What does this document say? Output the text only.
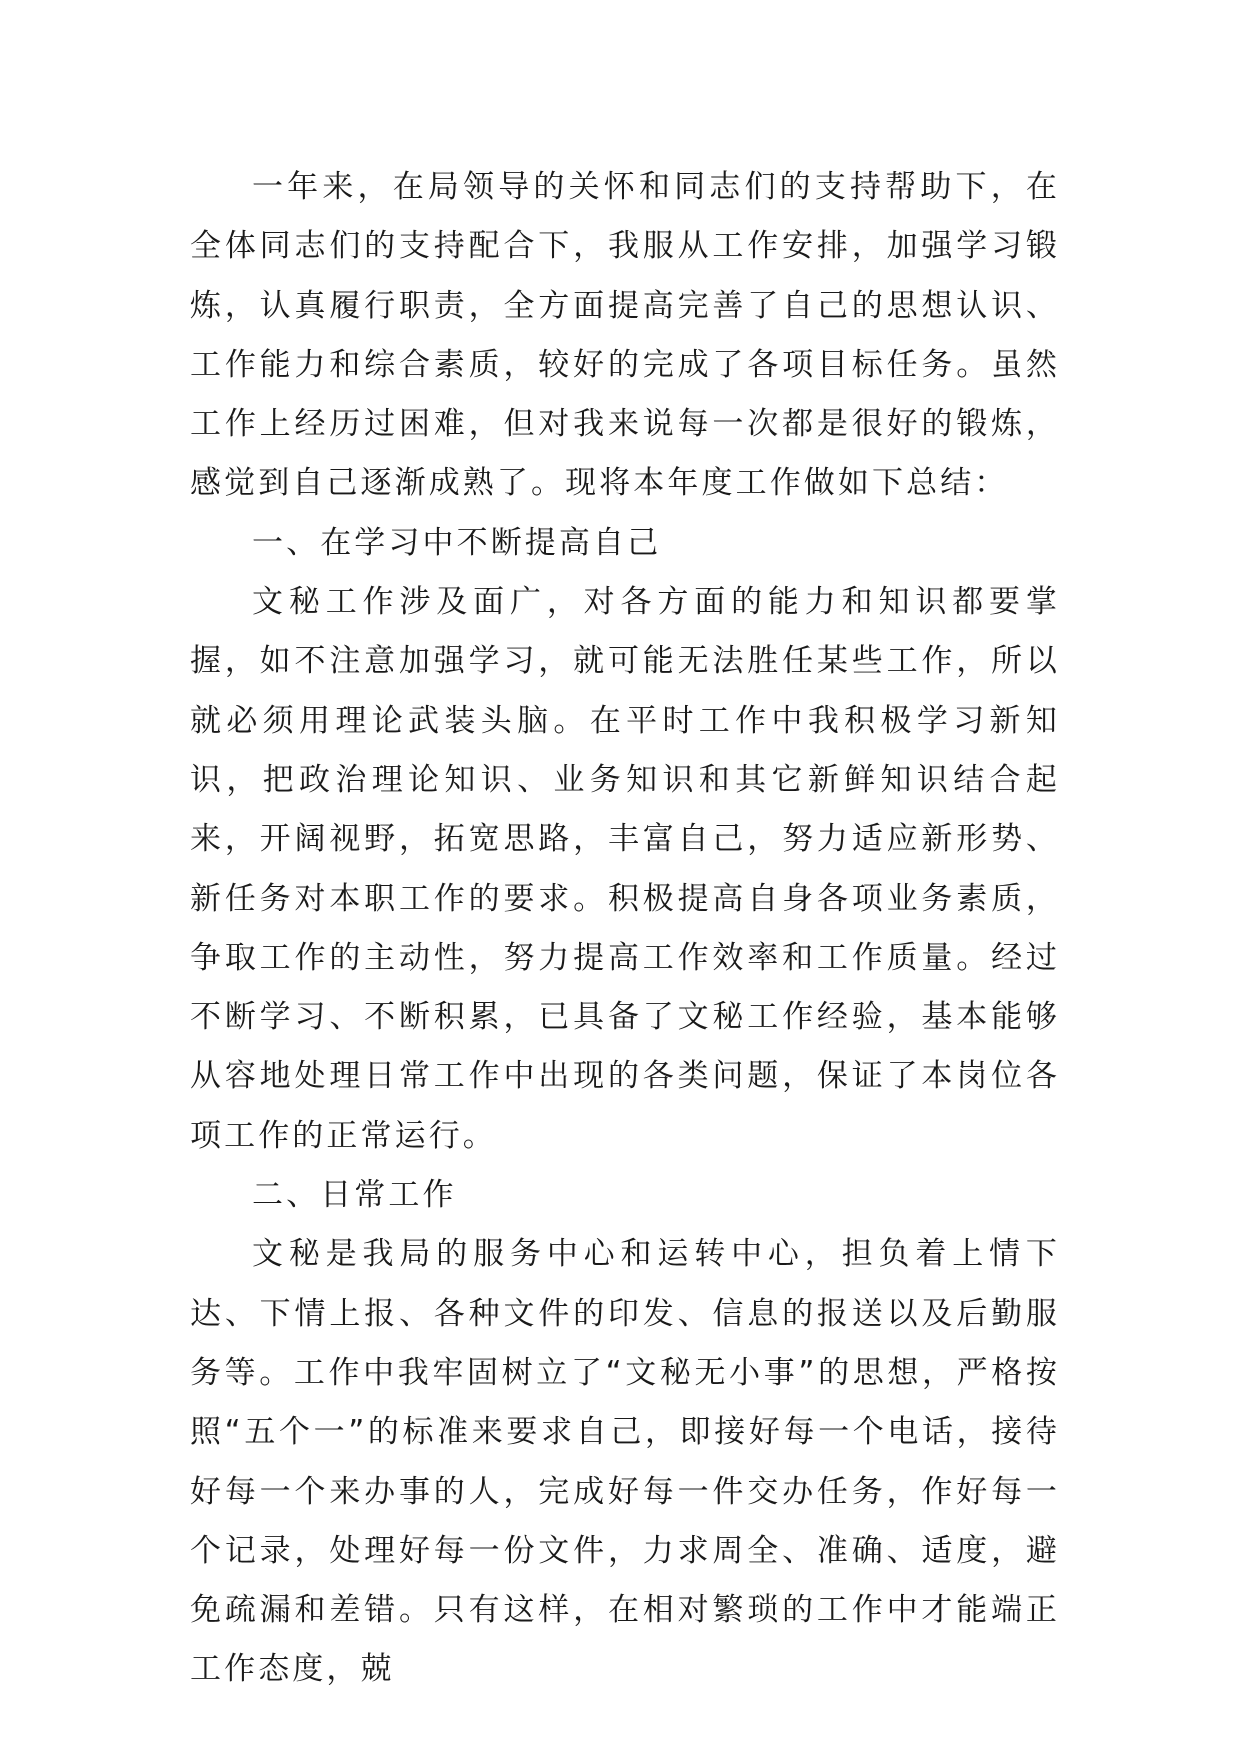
一年来，在局领导的关怀和同志们的支持帮助下，在全体同志们的支持配合下，我服从工作安排，加强学习锻炼，认真履行职责，全方面提高完善了自己的思想认识、工作能力和综合素质，较好的完成了各项目标任务。虽然工作上经历过困难，但对我来说每一次都是很好的锻炼，感觉到自己逐渐成熟了。现将本年度工作做如下总结：

一、在学习中不断提高自己

文秘工作涉及面广，对各方面的能力和知识都要掌握，如不注意加强学习，就可能无法胜任某些工作，所以就必须用理论武装头脑。在平时工作中我积极学习新知识，把政治理论知识、业务知识和其它新鲜知识结合起来，开阔视野，拓宽思路，丰富自己，努力适应新形势、新任务对本职工作的要求。积极提高自身各项业务素质，争取工作的主动性，努力提高工作效率和工作质量。经过不断学习、不断积累，已具备了文秘工作经验，基本能够从容地处理日常工作中出现的各类问题，保证了本岗位各项工作的正常运行。

二、日常工作

文秘是我局的服务中心和运转中心，担负着上情下达、下情上报、各种文件的印发、信息的报送以及后勤服务等。工作中我牢固树立了“文秘无小事”的思想，严格按照“五个一”的标准来要求自己，即接好每一个电话，接待好每一个来办事的人，完成好每一件交办任务，作好每一个记录，处理好每一份文件，力求周全、准确、适度，避免疏漏和差错。只有这样，在相对繁琐的工作中才能端正工作态度，兢
